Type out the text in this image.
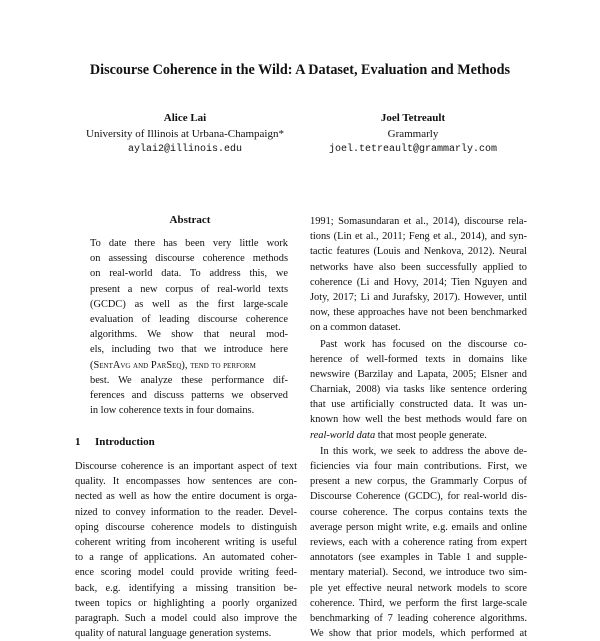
Discourse Coherence in the Wild: A Dataset, Evaluation and Methods
Alice Lai
University of Illinois at Urbana-Champaign*
aylai2@illinois.edu
Joel Tetreault
Grammarly
joel.tetreault@grammarly.com
Abstract
To date there has been very little work
on assessing discourse coherence methods
on real-world data. To address this, we
present a new corpus of real-world texts
(GCDC) as well as the first large-scale
evaluation of leading discourse coherence
algorithms. We show that neural mod-
els, including two that we introduce here
(SentAvg and ParSeq), tend to perform
best. We analyze these performance dif-
ferences and discuss patterns we observed
in low coherence texts in four domains.
1 Introduction
Discourse coherence is an important aspect of text
quality. It encompasses how sentences are con-
nected as well as how the entire document is orga-
nized to convey information to the reader. Devel-
oping discourse coherence models to distinguish
coherent writing from incoherent writing is useful
to a range of applications. An automated coher-
ence scoring model could provide writing feed-
back, e.g. identifying a missing transition be-
tween topics or highlighting a poorly organized
paragraph. Such a model could also improve the
quality of natural language generation systems.
1991; Somasundaran et al., 2014), discourse rela-
tions (Lin et al., 2011; Feng et al., 2014), and syn-
tactic features (Louis and Nenkova, 2012). Neural
networks have also been successfully applied to
coherence (Li and Hovy, 2014; Tien Nguyen and
Joty, 2017; Li and Jurafsky, 2017). However, until
now, these approaches have not been benchmarked
on a common dataset.
Past work has focused on the discourse co-
herence of well-formed texts in domains like
newswire (Barzilay and Lapata, 2005; Elsner and
Charniak, 2008) via tasks like sentence ordering
that use artificially constructed data. It was un-
known how well the best methods would fare on
real-world data that most people generate.
In this work, we seek to address the above de-
ficiencies via four main contributions. First, we
present a new corpus, the Grammarly Corpus of
Discourse Coherence (GCDC), for real-world dis-
course coherence. The corpus contains texts the
average person might write, e.g. emails and online
reviews, each with a coherence rating from expert
annotators (see examples in Table 1 and supple-
mentary material). Second, we introduce two sim-
ple yet effective neural network models to score
coherence. Third, we perform the first large-scale
benchmarking of 7 leading coherence algorithms.
We show that prior models, which performed at
